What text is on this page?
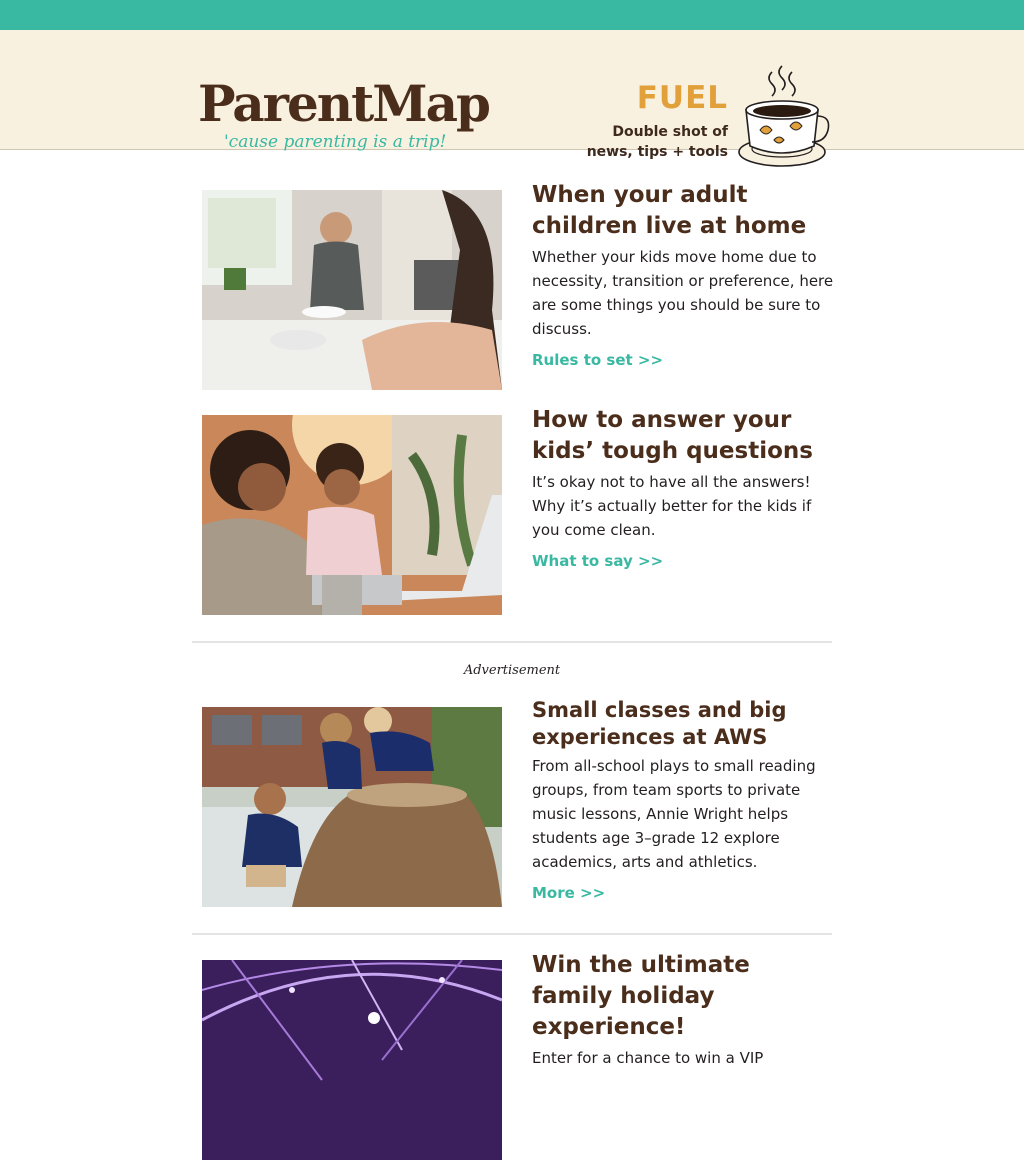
ParentMap
'cause parenting is a trip!
FUEL
Double shot of
news, tips + tools
When your adult children live at home

Whether your kids move home due to necessity, transition or preference, here are some things you should be sure to discuss.

Rules to set >>
How to answer your kids’ tough questions

It’s okay not to have all the answers! Why it’s actually better for the kids if you come clean.

What to say >>
Advertisement
Small classes and big experiences at AWS

From all-school plays to small reading groups, from team sports to private music lessons, Annie Wright helps students age 3–grade 12 explore academics, arts and athletics.

More >>
Win the ultimate family holiday experience!

Enter for a chance to win a VIP
